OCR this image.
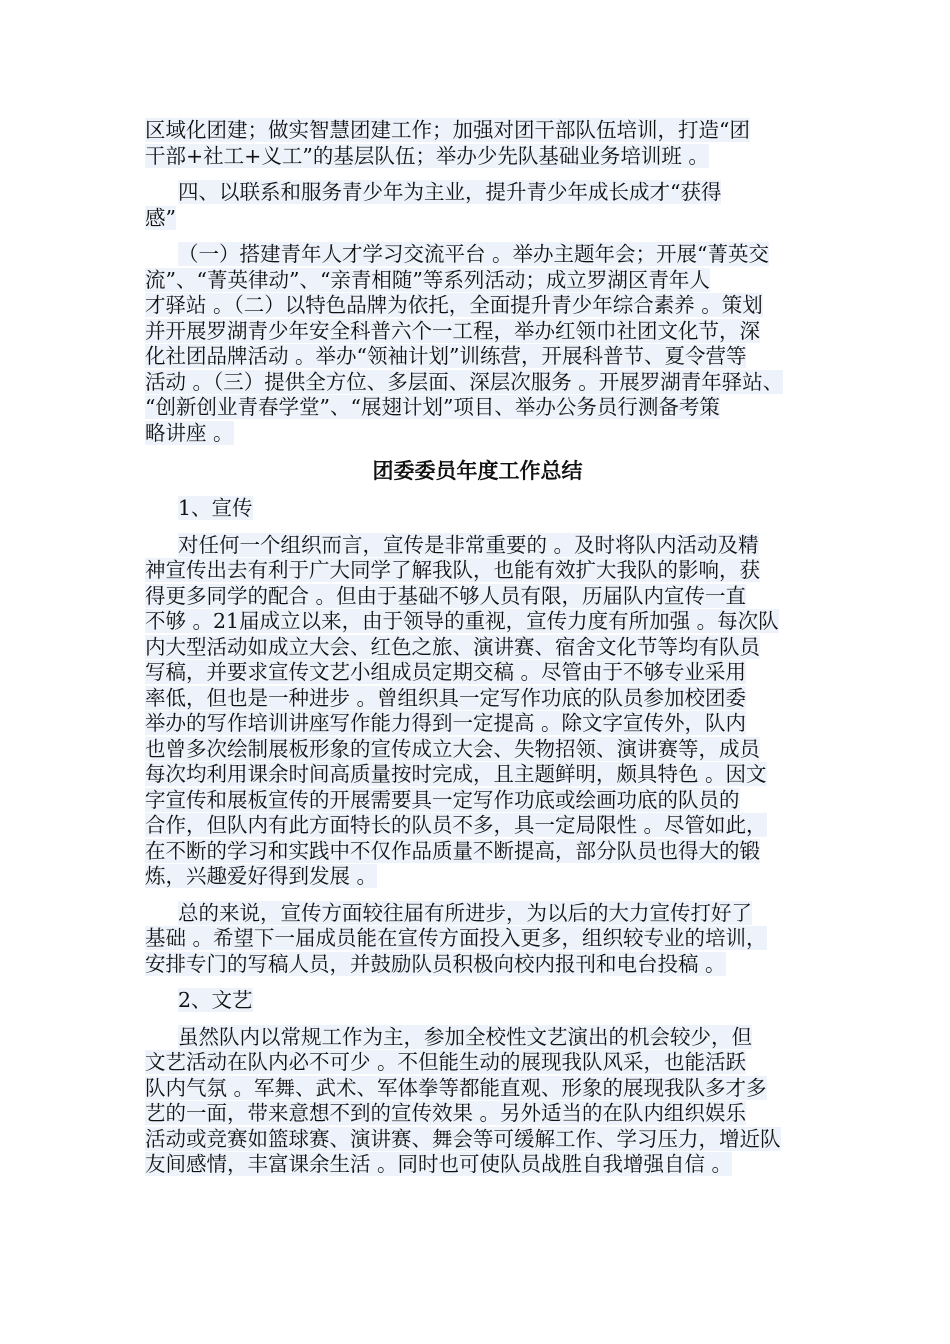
区域化团建；做实智慧团建工作；加强对团干部队伍培训，打造“团
干部+社工+义工”的基层队伍；举办少先队基础业务培训班 。
四、以联系和服务青少年为主业，提升青少年成长成才“获得
感”
（一）搭建青年人才学习交流平台 。举办主题年会；开展“菁英交
流”、“菁英律动”、“亲青相随”等系列活动；成立罗湖区青年人
才驿站 。（二）以特色品牌为依托，全面提升青少年综合素养 。策划
并开展罗湖青少年安全科普六个一工程，举办红领巾社团文化节，深
化社团品牌活动 。举办“领袖计划”训练营，开展科普节、夏令营等
活动 。（三）提供全方位、多层面、深层次服务 。开展罗湖青年驿站、
“创新创业青春学堂”、“展翅计划”项目、举办公务员行测备考策
略讲座 。
团委委员年度工作总结
1、宣传
对任何一个组织而言，宣传是非常重要的 。及时将队内活动及精
神宣传出去有利于广大同学了解我队，也能有效扩大我队的影响，获
得更多同学的配合 。但由于基础不够人员有限，历届队内宣传一直
不够 。21届成立以来，由于领导的重视，宣传力度有所加强 。每次队
内大型活动如成立大会、红色之旅、演讲赛、宿舍文化节等均有队员
写稿，并要求宣传文艺小组成员定期交稿 。尽管由于不够专业采用
率低，但也是一种进步 。曾组织具一定写作功底的队员参加校团委
举办的写作培训讲座写作能力得到一定提高 。除文字宣传外，队内
也曾多次绘制展板形象的宣传成立大会、失物招领、演讲赛等，成员
每次均利用课余时间高质量按时完成，且主题鲜明，颇具特色 。因文
字宣传和展板宣传的开展需要具一定写作功底或绘画功底的队员的
合作，但队内有此方面特长的队员不多，具一定局限性 。尽管如此，
在不断的学习和实践中不仅作品质量不断提高，部分队员也得大的锻
炼，兴趣爱好得到发展 。
总的来说，宣传方面较往届有所进步，为以后的大力宣传打好了
基础 。希望下一届成员能在宣传方面投入更多，组织较专业的培训，
安排专门的写稿人员，并鼓励队员积极向校内报刊和电台投稿 。
2、文艺
虽然队内以常规工作为主，参加全校性文艺演出的机会较少，但
文艺活动在队内必不可少 。不但能生动的展现我队风采，也能活跃
队内气氛 。军舞、武术、军体拳等都能直观、形象的展现我队多才多
艺的一面，带来意想不到的宣传效果 。另外适当的在队内组织娱乐
活动或竞赛如篮球赛、演讲赛、舞会等可缓解工作、学习压力，增近队
友间感情，丰富课余生活 。同时也可使队员战胜自我增强自信 。
